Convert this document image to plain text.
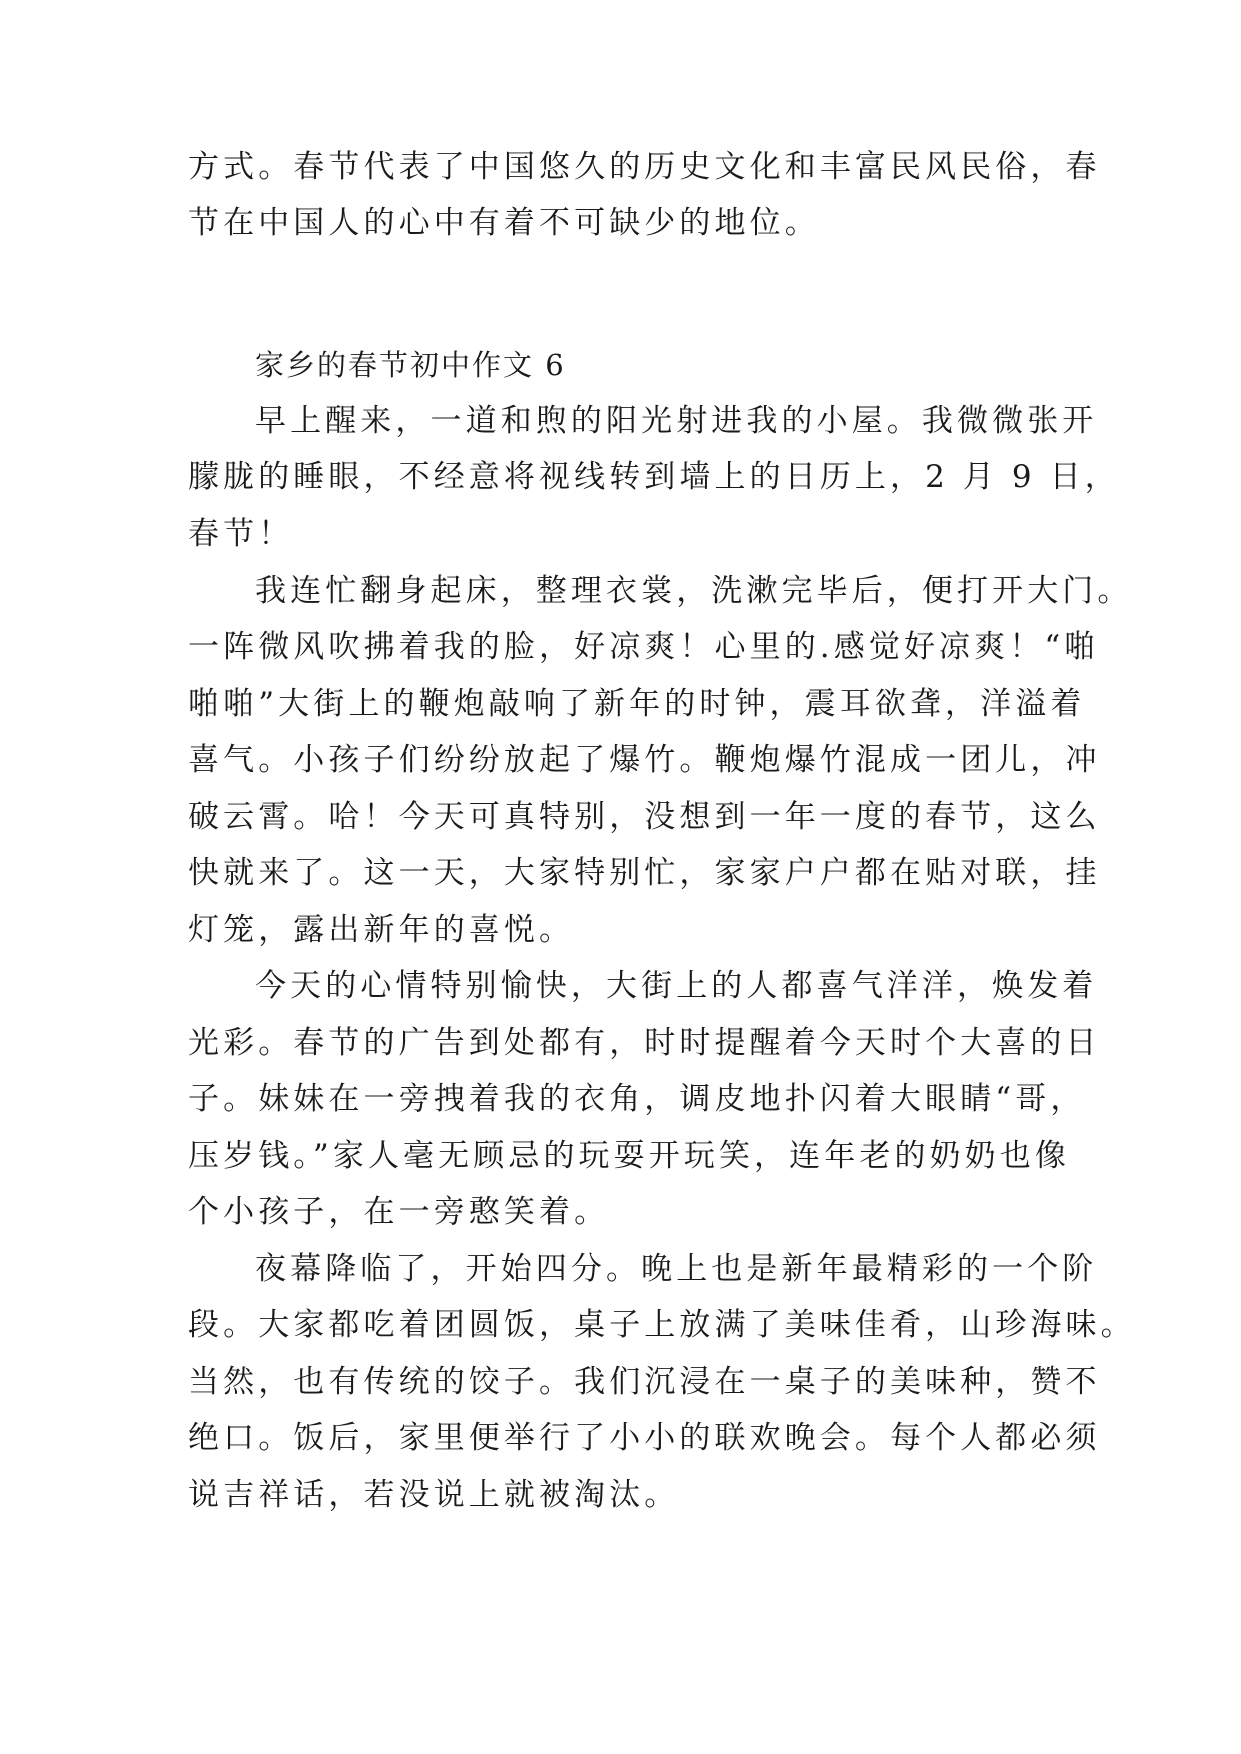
方式。春节代表了中国悠久的历史文化和丰富民风民俗，春
节在中国人的心中有着不可缺少的地位。
家乡的春节初中作文 6
早上醒来，一道和煦的阳光射进我的小屋。我微微张开
朦胧的睡眼，不经意将视线转到墙上的日历上，2 月 9 日，
春节！
我连忙翻身起床，整理衣裳，洗漱完毕后，便打开大门。
一阵微风吹拂着我的脸，好凉爽！心里的.感觉好凉爽！“啪
啪啪”大街上的鞭炮敲响了新年的时钟，震耳欲聋，洋溢着
喜气。小孩子们纷纷放起了爆竹。鞭炮爆竹混成一团儿，冲
破云霄。哈！今天可真特别，没想到一年一度的春节，这么
快就来了。这一天，大家特别忙，家家户户都在贴对联，挂
灯笼，露出新年的喜悦。
今天的心情特别愉快，大街上的人都喜气洋洋，焕发着
光彩。春节的广告到处都有，时时提醒着今天时个大喜的日
子。妹妹在一旁拽着我的衣角，调皮地扑闪着大眼睛“哥，
压岁钱。”家人毫无顾忌的玩耍开玩笑，连年老的奶奶也像
个小孩子，在一旁憨笑着。
夜幕降临了，开始四分。晚上也是新年最精彩的一个阶
段。大家都吃着团圆饭，桌子上放满了美味佳肴，山珍海味。
当然，也有传统的饺子。我们沉浸在一桌子的美味种，赞不
绝口。饭后，家里便举行了小小的联欢晚会。每个人都必须
说吉祥话，若没说上就被淘汰。
